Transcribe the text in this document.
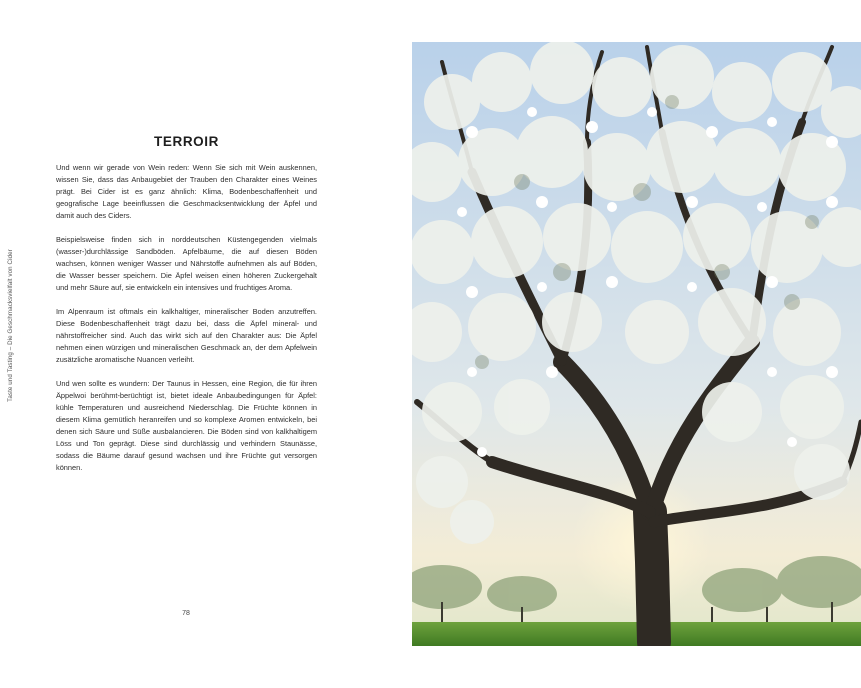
Taste und Tasting – Die Geschmacksvielfalt von Cider
TERROIR

Und wenn wir gerade von Wein reden: Wenn Sie sich mit Wein auskennen, wissen Sie, dass das Anbaugebiet der Trauben den Charakter eines Weines prägt. Bei Cider ist es ganz ähnlich: Klima, Bodenbeschaffenheit und geografische Lage beeinflussen die Geschmacksentwicklung der Äpfel und damit auch des Ciders.

Beispielsweise finden sich in norddeutschen Küstengegenden vielmals (wasser-)durchlässige Sandböden. Apfelbäume, die auf diesen Böden wachsen, können weniger Wasser und Nährstoffe aufnehmen als auf Böden, die Wasser besser speichern. Die Äpfel weisen einen höheren Zuckergehalt und mehr Säure auf, sie entwickeln ein intensives und fruchtiges Aroma.

Im Alpenraum ist oftmals ein kalkhaltiger, mineralischer Boden anzutreffen. Diese Bodenbeschaffenheit trägt dazu bei, dass die Äpfel mineral- und nährstoffreicher sind. Auch das wirkt sich auf den Charakter aus: Die Äpfel nehmen einen würzigen und mineralischen Geschmack an, der dem Apfelwein zusätzliche aromatische Nuancen verleiht.

Und wen sollte es wundern: Der Taunus in Hessen, eine Region, die für ihren Äppelwoi berühmt-berüchtigt ist, bietet ideale Anbaubedingungen für Äpfel: kühle Temperaturen und ausreichend Niederschlag. Die Früchte können in diesem Klima gemütlich heranreifen und so komplexe Aromen entwickeln, bei denen sich Säure und Süße ausbalancieren. Die Böden sind von kalkhaltigem Löss und Ton geprägt. Diese sind durchlässig und verhindern Staunässe, sodass die Bäume darauf gesund wachsen und ihre Früchte gut versorgen können.

78
